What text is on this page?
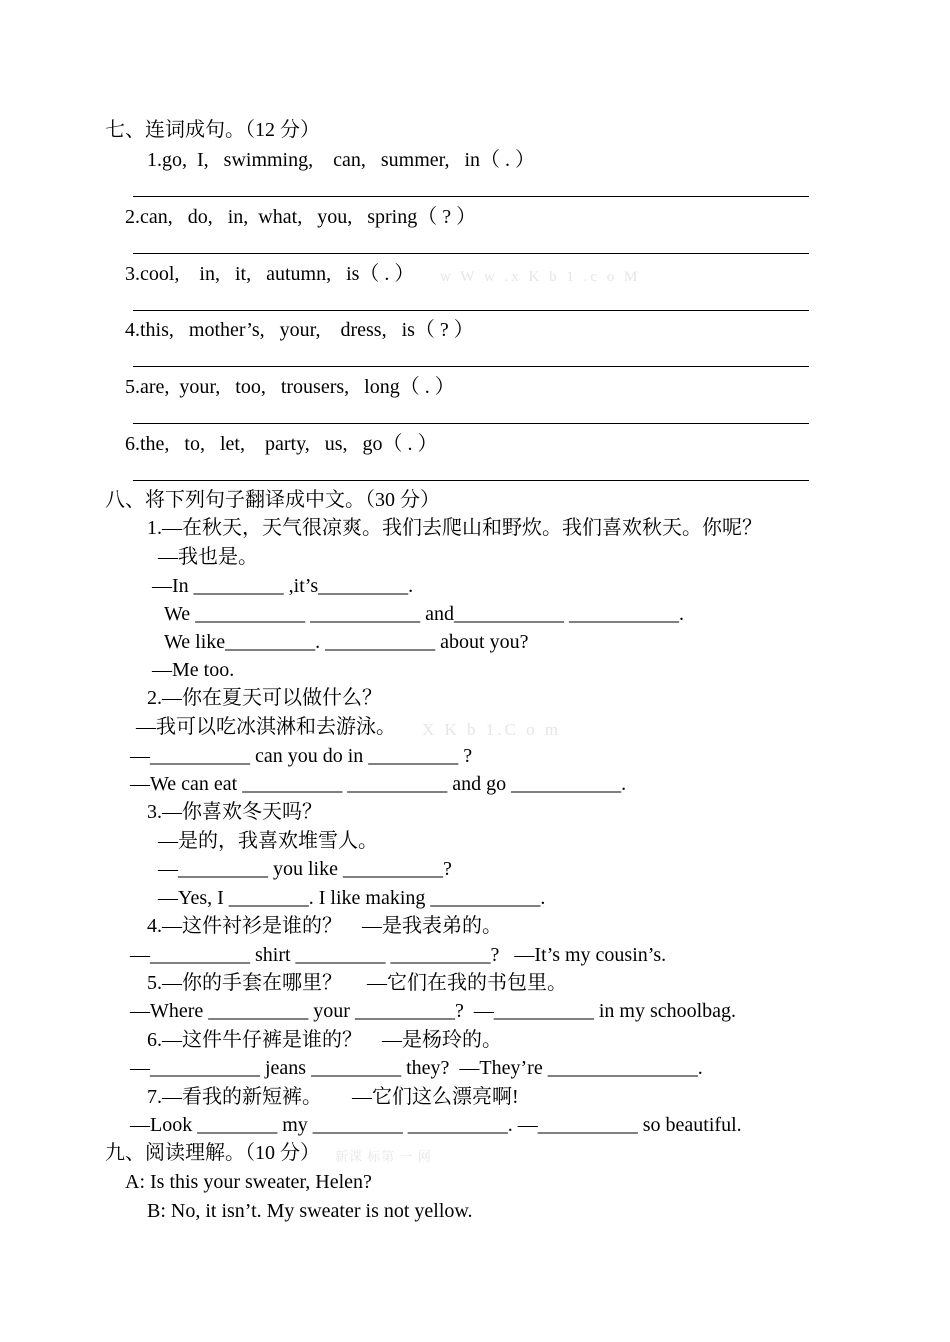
七、连词成句。（12 分）
1.go,  I,   swimming,    can,   summer,   in（ . ）
2.can,   do,   in,  what,   you,   spring（ ? ）
3.cool,    in,   it,   autumn,   is（ . ） w W w .x K b 1 .c o M
4.this,   mother’s,   your,    dress,   is（ ? ）
5.are,  your,   too,   trousers,   long（ . ）
6.the,   to,   let,    party,   us,   go（ . ）
八、将下列句子翻译成中文。（30 分）
1.—在秋天，天气很凉爽。我们去爬山和野炊。我们喜欢秋天。你呢？
—我也是。
—In _________ ,it’s_________.
We ___________ ___________ and___________ ___________.
We like_________. ___________ about you?
—Me too.
2.—你在夏天可以做什么？
—我可以吃冰淇淋和去游泳。 X K b 1.C o m
—__________ can you do in _________ ?
—We can eat __________ __________ and go ___________.
3.—你喜欢冬天吗？
—是的，我喜欢堆雪人。
—_________ you like __________?
—Yes, I ________. I like making ___________.
4.—这件衬衫是谁的？    —是我表弟的。
—__________ shirt _________ __________?   —It’s my cousin’s.
5.—你的手套在哪里？     —它们在我的书包里。
—Where __________ your __________?  —__________ in my schoolbag.
6.—这件牛仔裤是谁的？    —是杨玲的。
—___________ jeans _________ they?  —They’re _______________.
7.—看我的新短裤。      —它们这么漂亮啊!
—Look ________ my _________ __________. —__________ so beautiful.
九、阅读理解。（10 分） 新课 标第 一 网
A: Is this your sweater, Helen?
B: No, it isn’t. My sweater is not yellow.
